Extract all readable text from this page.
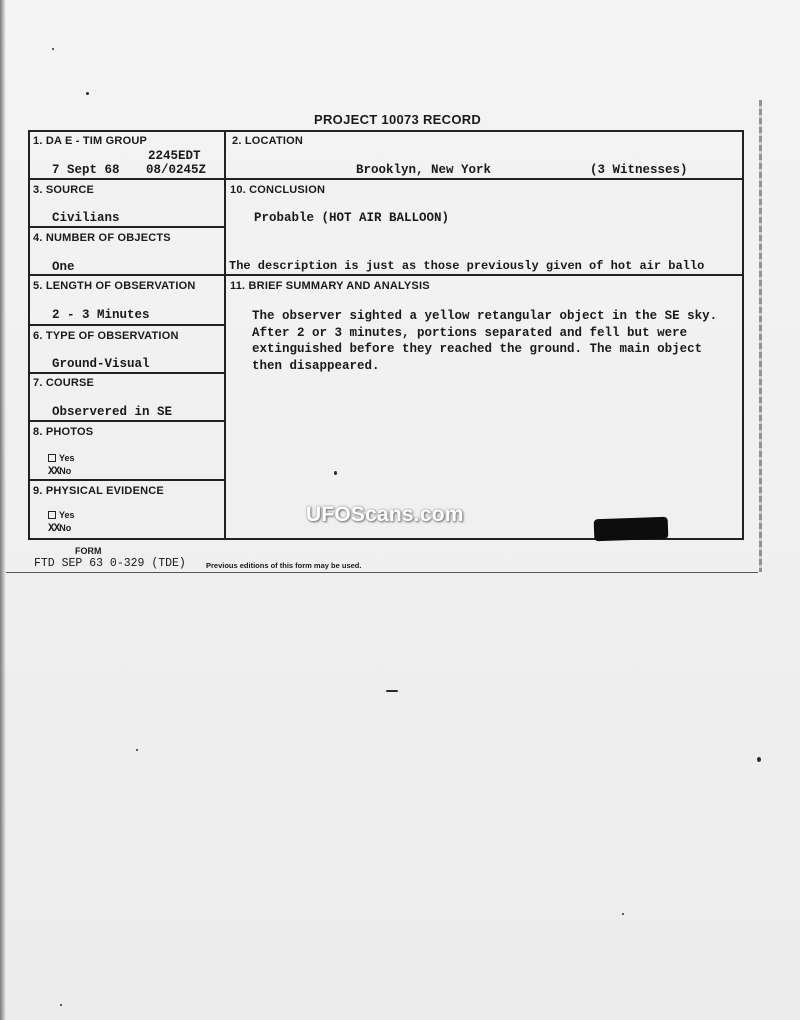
PROJECT 10073 RECORD
1. DA E - TIM GROUP
2245EDT
7 Sept 68 08/0245Z
2. LOCATION
Brooklyn, New York	(3 Witnesses)
3. SOURCE
Civilians
10. CONCLUSION
Probable (HOT AIR BALLOON)
The description is just as those previously given of hot air ballo
4. NUMBER OF OBJECTS
One
5. LENGTH OF OBSERVATION
2 - 3 Minutes
11. BRIEF SUMMARY AND ANALYSIS
The observer sighted a yellow retangular object in the SE sky.
After 2 or 3 minutes, portions separated and fell but were
extinguished before they reached the ground. The main object
then disappeared.
6. TYPE OF OBSERVATION
Ground-Visual
7. COURSE
Observered in SE
8. PHOTOS
Yes
XXNo
9. PHYSICAL EVIDENCE
Yes
XXNo
UFOScans.com
FORM
FTD SEP 63 0-329 (TDE)	Previous editions of this form may be used.
